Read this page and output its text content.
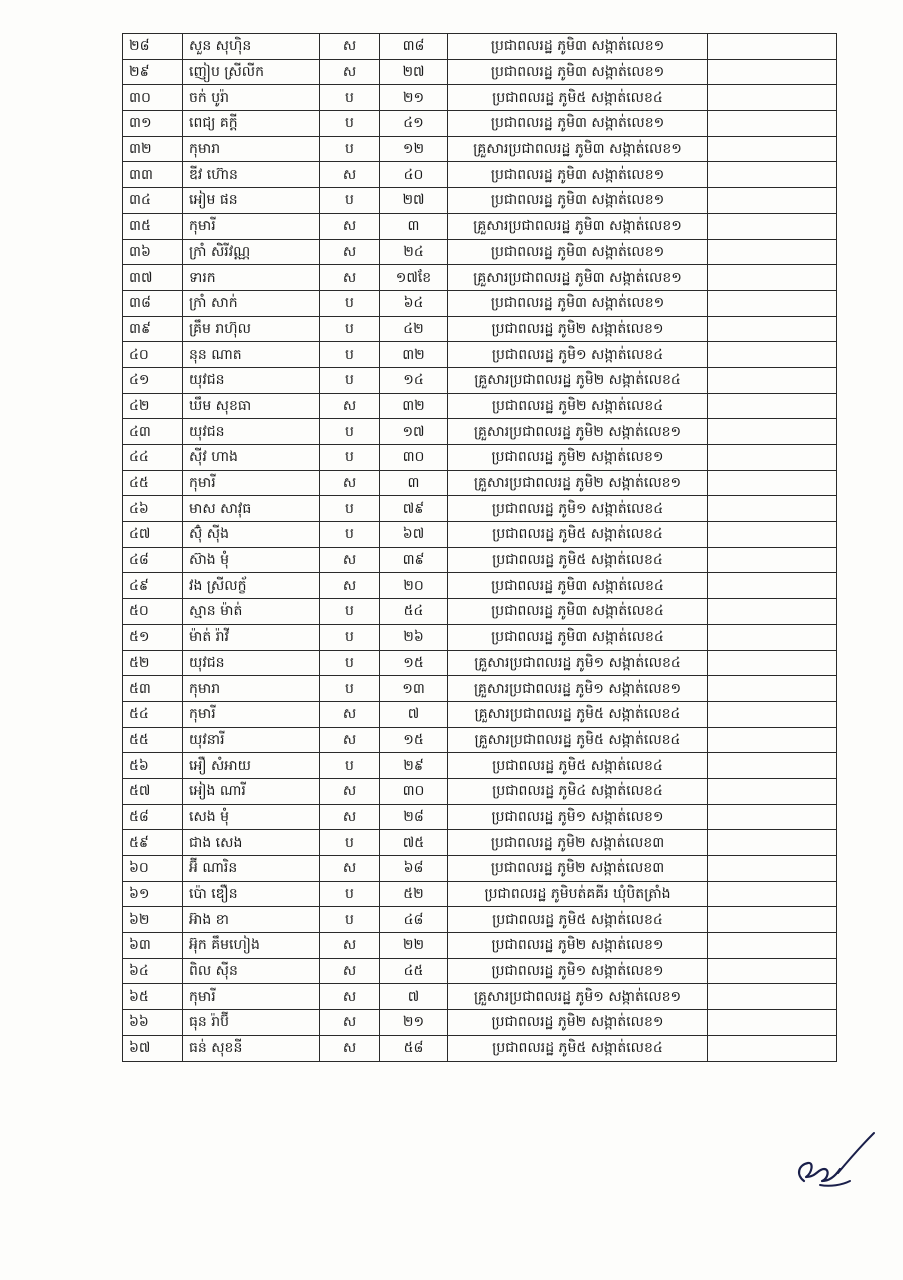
២៨	សួន សុហ៊ិន	ស	៣៨	ប្រជាពលរដ្ឋ ភូមិ៣ សង្កាត់លេខ១	
២៩	ញៀប ស្រីលីក	ស	២៧	ប្រជាពលរដ្ឋ ភូមិ៣ សង្កាត់លេខ១	
៣០	ចក់ បូរ៉ា	ប	២១	ប្រជាពលរដ្ឋ ភូមិ៥ សង្កាត់លេខ៤	
៣១	ពេជ្យ គក្តី	ប	៤១	ប្រជាពលរដ្ឋ ភូមិ៣ សង្កាត់លេខ១	
៣២	កុមារា	ប	១២	គ្រួសារប្រជាពលរដ្ឋ ភូមិ៣ សង្កាត់លេខ១	
៣៣	ឌីវ ហ៊ោន	ស	៤០	ប្រជាពលរដ្ឋ ភូមិ៣ សង្កាត់លេខ១	
៣៤	អៀម ផន	ប	២៧	ប្រជាពលរដ្ឋ ភូមិ៣ សង្កាត់លេខ១	
៣៥	កុមារី	ស	៣	គ្រួសារប្រជាពលរដ្ឋ ភូមិ៣ សង្កាត់លេខ១	
៣៦	ក្រាំ សិរីវណ្ណ	ស	២៤	ប្រជាពលរដ្ឋ ភូមិ៣ សង្កាត់លេខ១	
៣៧	ទារក	ស	១៧ខែ	គ្រួសារប្រជាពលរដ្ឋ ភូមិ៣ សង្កាត់លេខ១	
៣៨	ក្រាំ សាក់	ប	៦៤	ប្រជាពលរដ្ឋ ភូមិ៣ សង្កាត់លេខ១	
៣៩	គ្រឹម រាហ៊ុល	ប	៤២	ប្រជាពលរដ្ឋ ភូមិ២ សង្កាត់លេខ១	
៤០	នុន ណាត	ប	៣២	ប្រជាពលរដ្ឋ ភូមិ១ សង្កាត់លេខ៤	
៤១	យុវជន	ប	១៤	គ្រួសារប្រជាពលរដ្ឋ ភូមិ២ សង្កាត់លេខ៤	
៤២	ឃឹម សុខធា	ស	៣២	ប្រជាពលរដ្ឋ ភូមិ២ សង្កាត់លេខ៤	
៤៣	យុវជន	ប	១៧	គ្រួសារប្រជាពលរដ្ឋ ភូមិ២ សង្កាត់លេខ១	
៤៤	ស៊ីវ ហាង	ប	៣០	ប្រជាពលរដ្ឋ ភូមិ២ សង្កាត់លេខ១	
៤៥	កុមារី	ស	៣	គ្រួសារប្រជាពលរដ្ឋ ភូមិ២ សង្កាត់លេខ១	
៤៦	មាស សាវុធ	ប	៧៩	ប្រជាពលរដ្ឋ ភូមិ១ សង្កាត់លេខ៤	
៤៧	ស៊ុំ ស៊ីង	ប	៦៧	ប្រជាពលរដ្ឋ ភូមិ៥ សង្កាត់លេខ៤	
៤៨	ស៊ាង មុំ	ស	៣៩	ប្រជាពលរដ្ឋ ភូមិ៥ សង្កាត់លេខ៤	
៤៩	វង ស្រីលក្ខ័	ស	២០	ប្រជាពលរដ្ឋ ភូមិ៣ សង្កាត់លេខ៤	
៥០	ស្មាន ម៉ាត់	ប	៥៤	ប្រជាពលរដ្ឋ ភូមិ៣ សង្កាត់លេខ៤	
៥១	ម៉ាត់ រ៉ាវី	ប	២៦	ប្រជាពលរដ្ឋ ភូមិ៣ សង្កាត់លេខ៤	
៥២	យុវជន	ប	១៥	គ្រួសារប្រជាពលរដ្ឋ ភូមិ១ សង្កាត់លេខ៤	
៥៣	កុមារា	ប	១៣	គ្រួសារប្រជាពលរដ្ឋ ភូមិ១ សង្កាត់លេខ១	
៥៤	កុមារី	ស	៧	គ្រួសារប្រជាពលរដ្ឋ ភូមិ៥ សង្កាត់លេខ៤	
៥៥	យុវនារី	ស	១៥	គ្រួសារប្រជាពលរដ្ឋ ភូមិ៥ សង្កាត់លេខ៤	
៥៦	អឿ សំអាយ	ប	២៩	ប្រជាពលរដ្ឋ ភូមិ៥ សង្កាត់លេខ៤	
៥៧	អៀង ណារី	ស	៣០	ប្រជាពលរដ្ឋ ភូមិ៤ សង្កាត់លេខ៤	
៥៨	សេង មុំ	ស	២៨	ប្រជាពលរដ្ឋ ភូមិ១ សង្កាត់លេខ១	
៥៩	ជាង សេង	ប	៧៥	ប្រជាពលរដ្ឋ ភូមិ២ សង្កាត់លេខ៣	
៦០	អ៊ី ណារិន	ស	៦៨	ប្រជាពលរដ្ឋ ភូមិ២ សង្កាត់លេខ៣	
៦១	ប៉ោ ឌឿន	ប	៥២	ប្រជាពលរដ្ឋ ភូមិបត់គគីរ ឃុំបិតត្រាំង	
៦២	អ៊ាង ខា	ប	៤៨	ប្រជាពលរដ្ឋ ភូមិ៥ សង្កាត់លេខ៤	
៦៣	អ៊ុក គឹមហៀង	ស	២២	ប្រជាពលរដ្ឋ ភូមិ២ សង្កាត់លេខ១	
៦៤	ពិល ស៊ីន	ស	៤៥	ប្រជាពលរដ្ឋ ភូមិ១ សង្កាត់លេខ១	
៦៥	កុមារី	ស	៧	គ្រួសារប្រជាពលរដ្ឋ ភូមិ១ សង្កាត់លេខ១	
៦៦	ធុន រ៉ាប៊ី	ស	២១	ប្រជាពលរដ្ឋ ភូមិ២ សង្កាត់លេខ១	
៦៧	ធន់ សុខនី	ស	៥៨	ប្រជាពលរដ្ឋ ភូមិ៥ សង្កាត់លេខ៤	
